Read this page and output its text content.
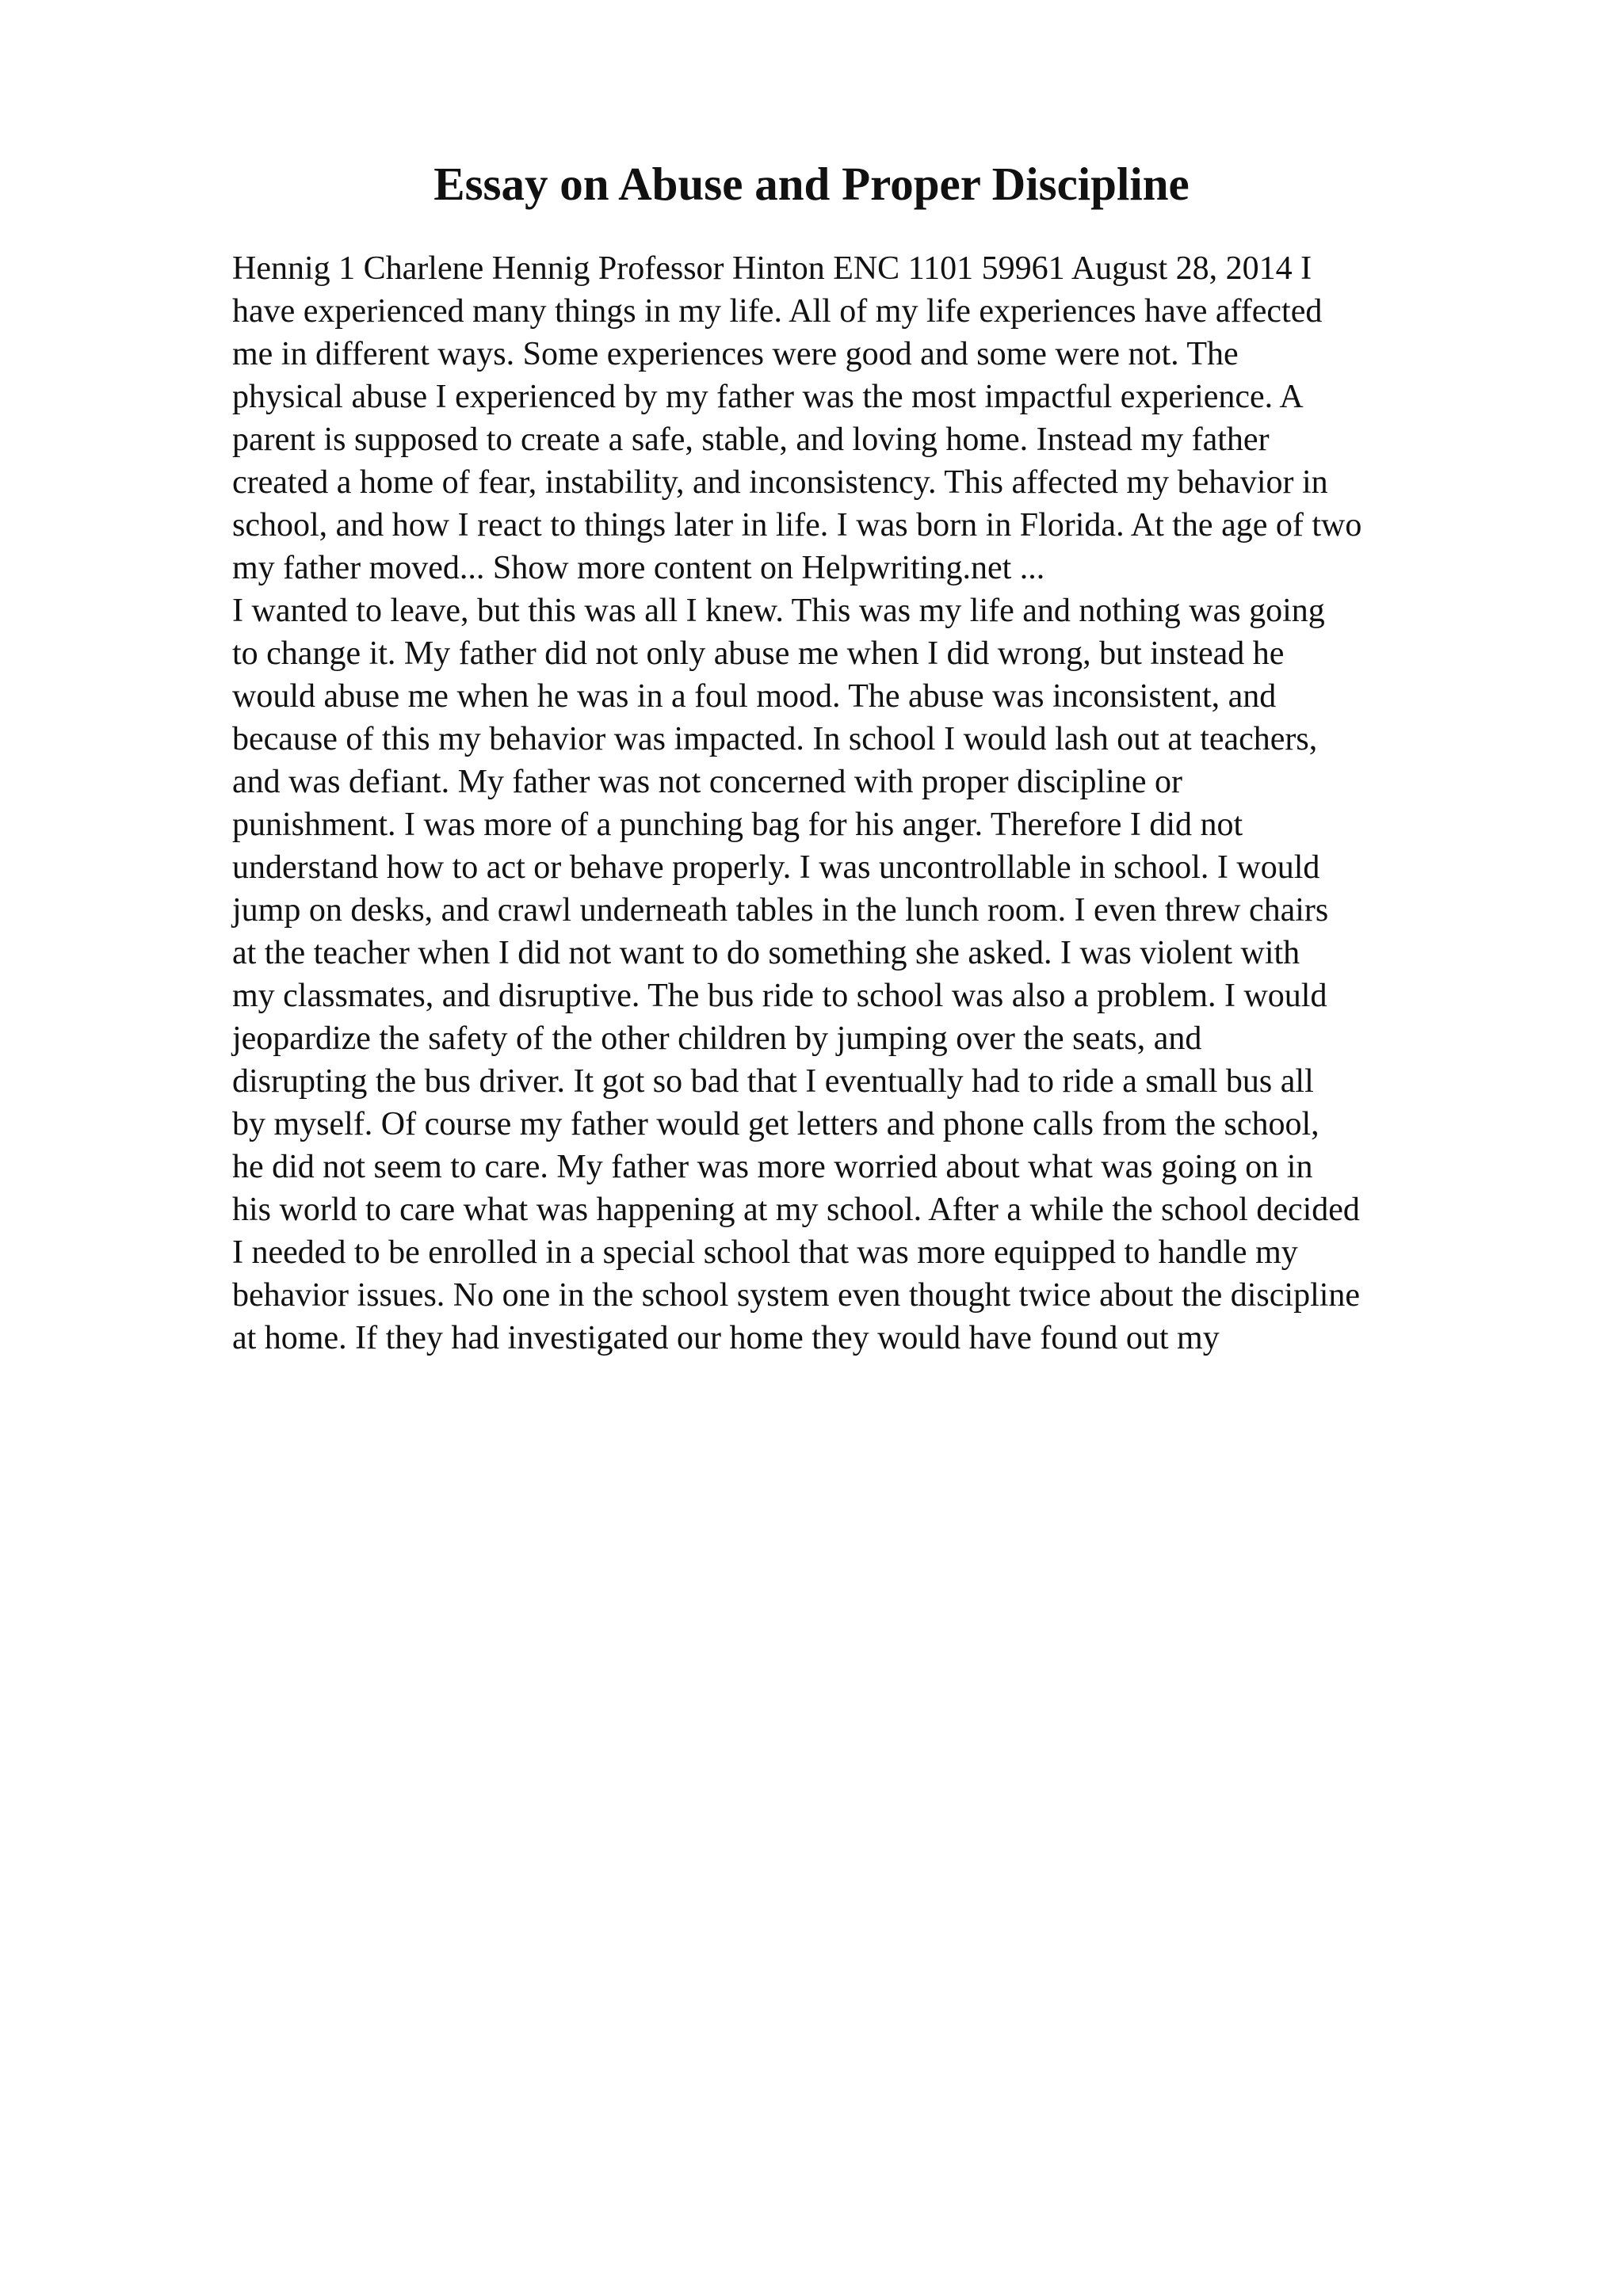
Essay on Abuse and Proper Discipline
Hennig 1 Charlene Hennig Professor Hinton ENC 1101 59961 August 28, 2014 I
have experienced many things in my life. All of my life experiences have affected
me in different ways. Some experiences were good and some were not. The
physical abuse I experienced by my father was the most impactful experience. A
parent is supposed to create a safe, stable, and loving home. Instead my father
created a home of fear, instability, and inconsistency. This affected my behavior in
school, and how I react to things later in life. I was born in Florida. At the age of two
my father moved... Show more content on Helpwriting.net ...
I wanted to leave, but this was all I knew. This was my life and nothing was going
to change it. My father did not only abuse me when I did wrong, but instead he
would abuse me when he was in a foul mood. The abuse was inconsistent, and
because of this my behavior was impacted. In school I would lash out at teachers,
and was defiant. My father was not concerned with proper discipline or
punishment. I was more of a punching bag for his anger. Therefore I did not
understand how to act or behave properly. I was uncontrollable in school. I would
jump on desks, and crawl underneath tables in the lunch room. I even threw chairs
at the teacher when I did not want to do something she asked. I was violent with
my classmates, and disruptive. The bus ride to school was also a problem. I would
jeopardize the safety of the other children by jumping over the seats, and
disrupting the bus driver. It got so bad that I eventually had to ride a small bus all
by myself. Of course my father would get letters and phone calls from the school,
he did not seem to care. My father was more worried about what was going on in
his world to care what was happening at my school. After a while the school decided
I needed to be enrolled in a special school that was more equipped to handle my
behavior issues. No one in the school system even thought twice about the discipline
at home. If they had investigated our home they would have found out my
